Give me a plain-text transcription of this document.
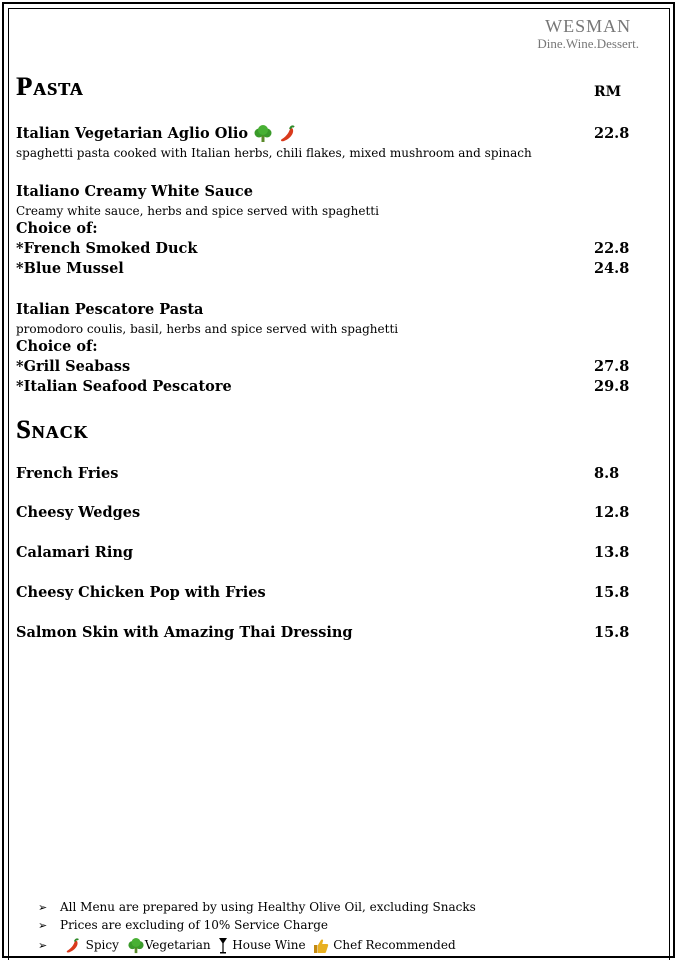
WESMAN
Dine.Wine.Dessert.
Pasta	RM
Italian Vegetarian Aglio Olio	22.8
spaghetti pasta cooked with Italian herbs, chili flakes, mixed mushroom and spinach
Italiano Creamy White Sauce
Creamy white sauce, herbs and spice served with spaghetti
Choice of:
*French Smoked Duck	22.8
*Blue Mussel	24.8
Italian Pescatore Pasta
promodoro coulis, basil, herbs and spice served with spaghetti
Choice of:
*Grill Seabass	27.8
*Italian Seafood Pescatore	29.8
Snack
French Fries	8.8
Cheesy Wedges	12.8
Calamari Ring	13.8
Cheesy Chicken Pop with Fries	15.8
Salmon Skin with Amazing Thai Dressing	15.8
➢ All Menu are prepared by using Healthy Olive Oil, excluding Snacks
➢ Prices are excluding of 10% Service Charge
➢	Spicy Vegetarian House Wine Chef Recommended
